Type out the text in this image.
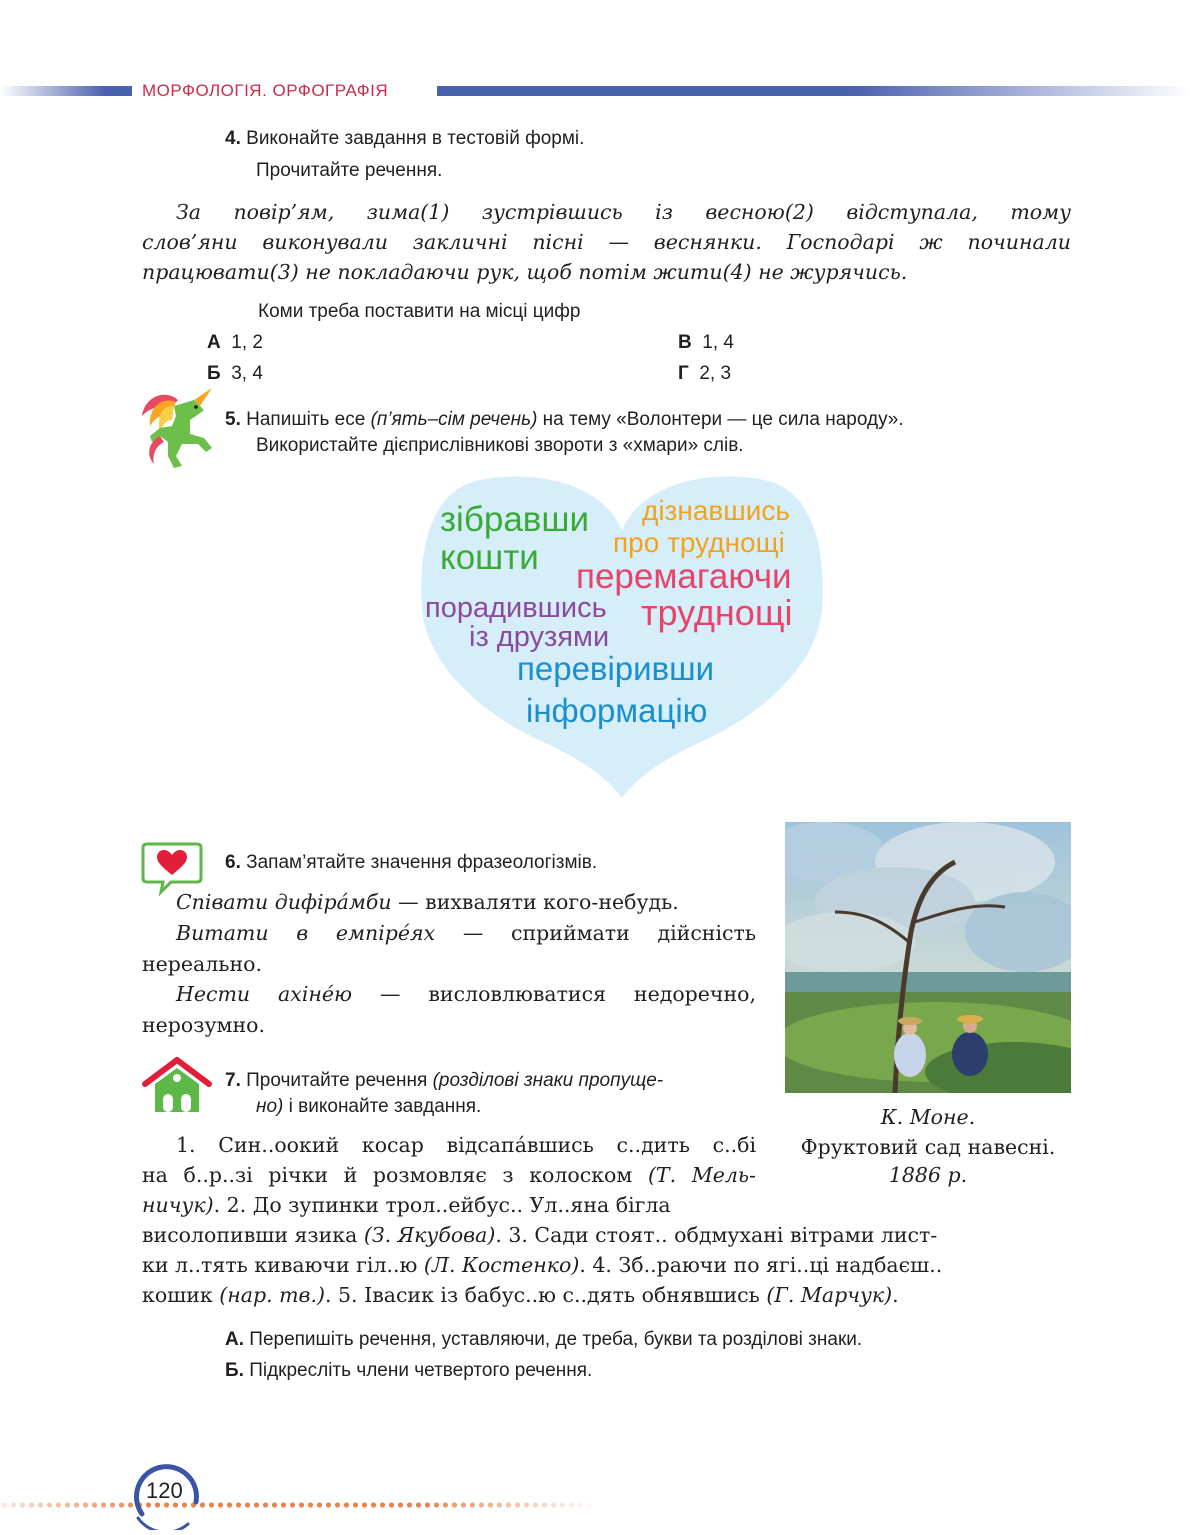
МОРФОЛОГІЯ. ОРФОГРАФІЯ
4. Виконайте завдання в тестовій формі.
Прочитайте речення.
За повір’ям, зима(1) зустрівшись із весною(2) відступала, тому
слов’яни виконували закличні пісні — веснянки. Господарі ж починали
працювати(3) не покладаючи рук, щоб потім жити(4) не журячись.
Коми треба поставити на місці цифр
А 1, 2
Б 3, 4
В 1, 4
Г 2, 3
5. Напишіть есе (п’ять–сім речень) на тему «Волонтери — це сила народу».
Використайте дієприслівникові звороти з «хмари» слів.
зібравши
кошти
дізнавшись
про труднощі
перемагаючи
порадившись
із друзями
труднощі
перевіривши
інформацію
6. Запам’ятайте значення фразеологізмів.
Співати дифіра́мби — вихваляти кого-небудь.
Витати в емпіре́ях — сприймати дійсність
нереально.
Нести ахіне́ю — висловлюватися недоречно,
нерозумно.
К. Моне.
Фруктовий сад навесні.
1886 р.
7. Прочитайте речення (розділові знаки пропуще-
но) і виконайте завдання.
1. Син..оокий косар відсапа́вшись с..дить с..бі
на б..р..зі річки й розмовляє з колоском (Т. Мель-
ничук). 2. До зупинки трол..ейбус.. Ул..яна бігла
висолопивши язика (З. Якубова). 3. Сади стоят.. обдмухані вітрами лист-
ки л..тять киваючи гіл..ю (Л. Костенко). 4. Зб..раючи по ягі..ці надбаєш..
кошик (нар. тв.). 5. Івасик із бабус..ю с..дять обнявшись (Г. Марчук).
А. Перепишіть речення, уставляючи, де треба, букви та розділові знаки.
Б. Підкресліть члени четвертого речення.
120
